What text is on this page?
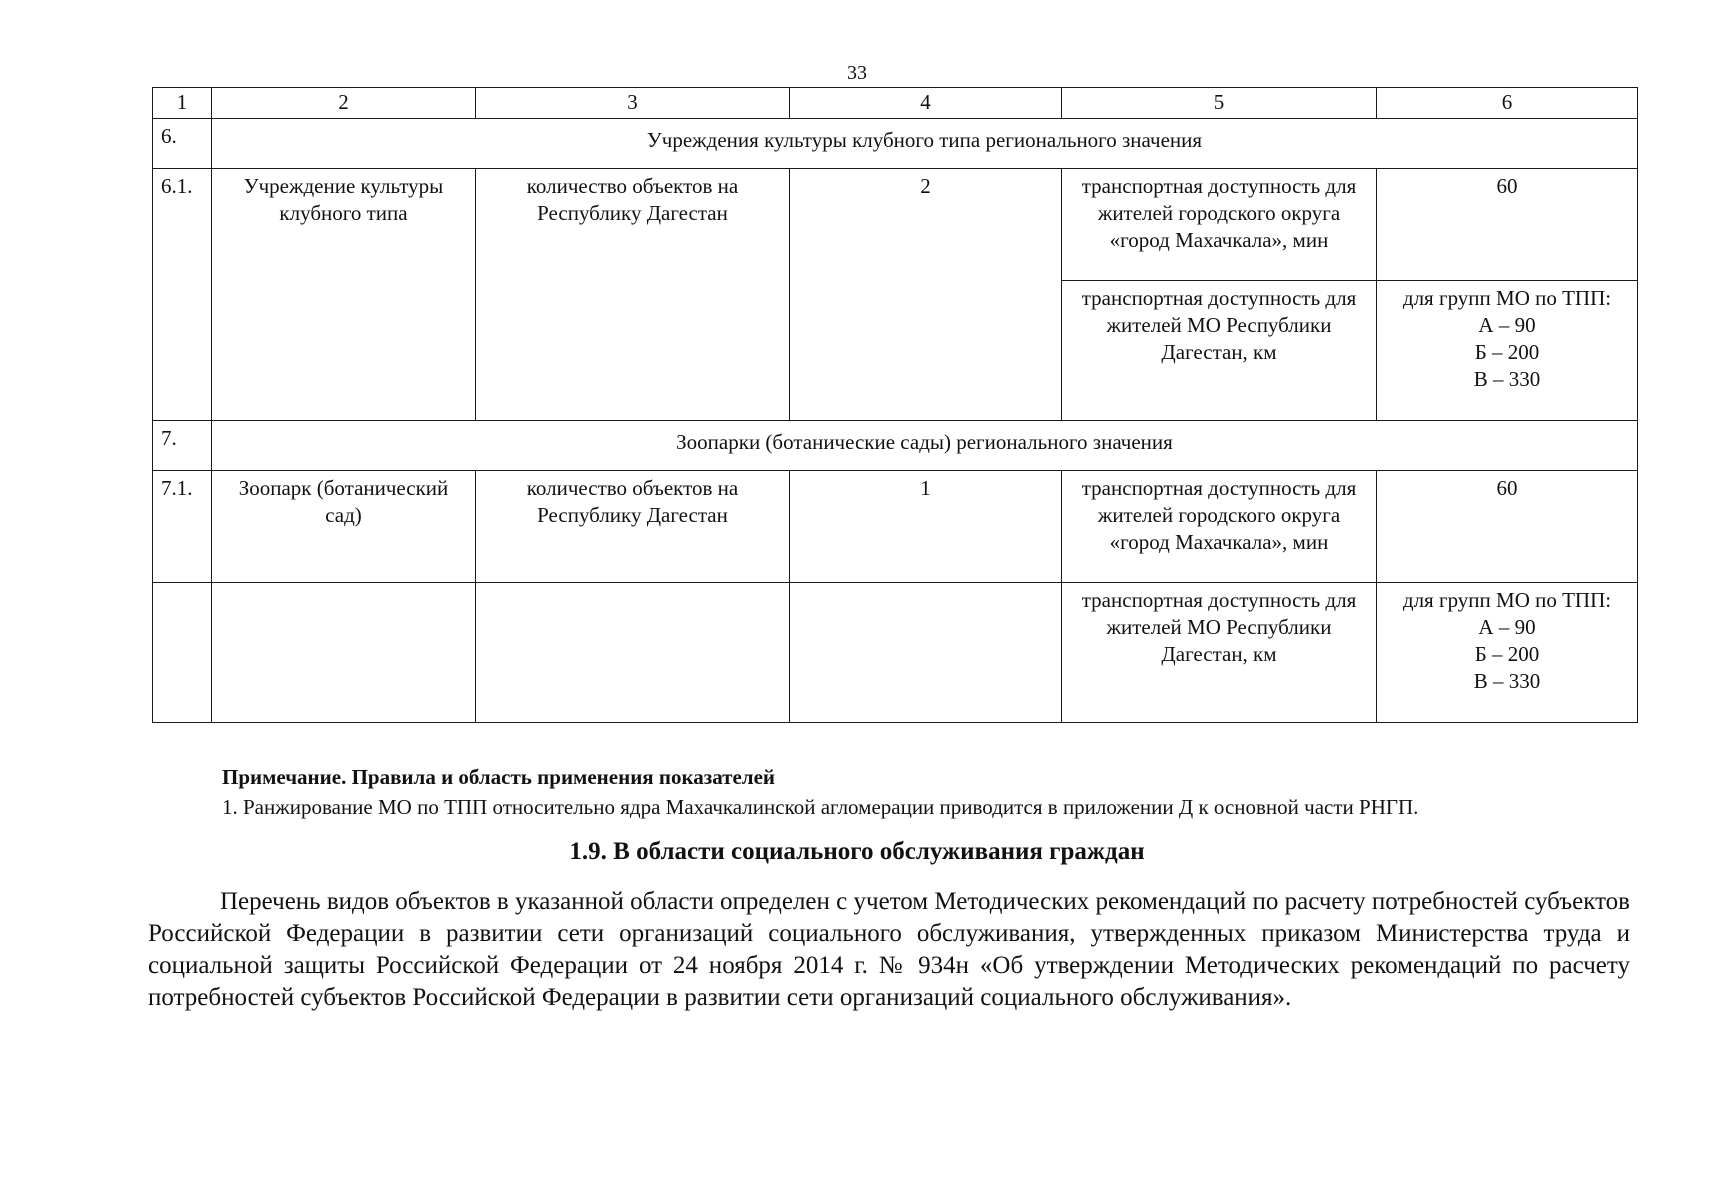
33
1	2	3	4	5	6
6.	Учреждения культуры клубного типа регионального значения				
6.1.	Учреждение культуры клубного типа	количество объектов на Республику Дагестан	2	транспортная доступность для жителей городского округа «город Махачкала», мин	60
				транспортная доступность для жителей МО Республики Дагестан, км	для групп МО по ТПП:
А – 90
Б – 200
В – 330
7.	Зоопарки (ботанические сады) регионального значения				
7.1.	Зоопарк (ботанический сад)	количество объектов на Республику Дагестан	1	транспортная доступность для жителей городского округа «город Махачкала», мин	60
				транспортная доступность для жителей МО Республики Дагестан, км	для групп МО по ТПП:
А – 90
Б – 200
В – 330
Примечание. Правила и область применения показателей
1. Ранжирование МО по ТПП относительно ядра Махачкалинской агломерации приводится в приложении Д к основной части РНГП.
1.9. В области социального обслуживания граждан

Перечень видов объектов в указанной области определен с учетом Методических рекомендаций по расчету потребностей субъектов Российской Федерации в развитии сети организаций социального обслуживания, утвержденных приказом Министерства труда и социальной защиты Российской Федерации от 24 ноября 2014 г. № 934н «Об утверждении Методических рекомендаций по расчету потребностей субъектов Российской Федерации в развитии сети организаций социального обслуживания».
